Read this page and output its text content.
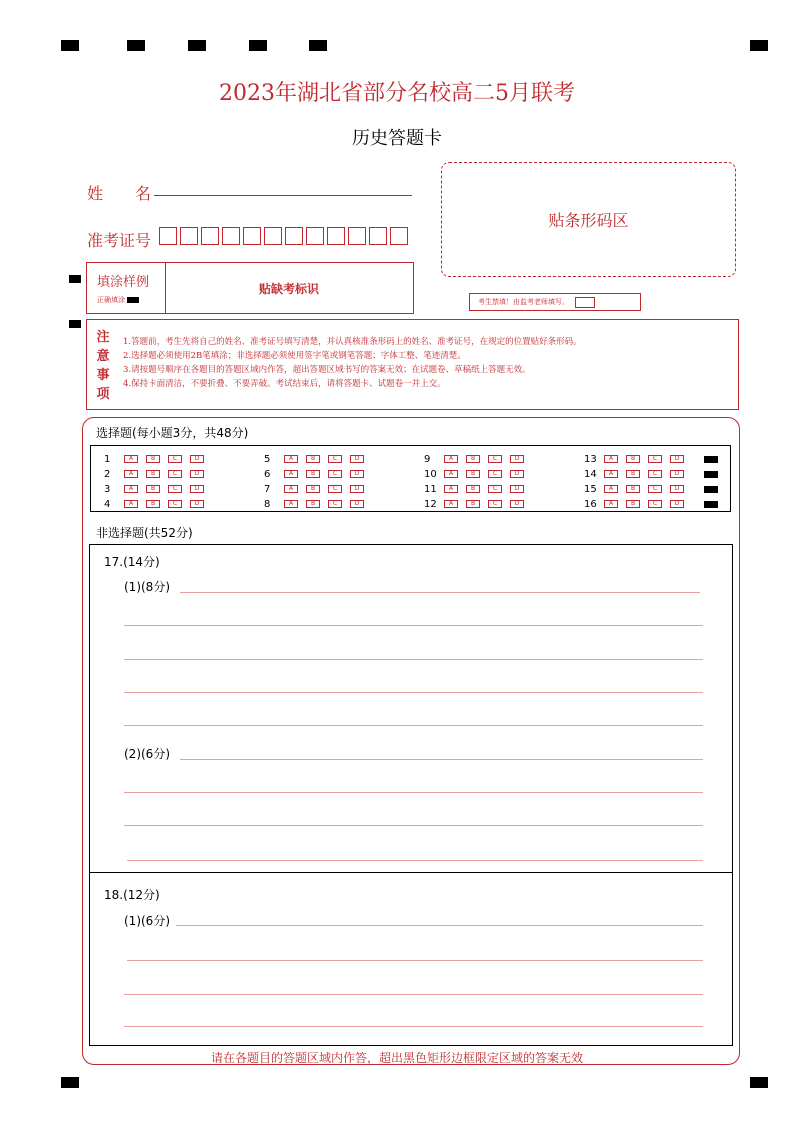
2023年湖北省部分名校高二5月联考
历史答题卡
姓　　名
准考证号
贴条形码区
填涂样例
正确填涂
贴缺考标识
考生禁填！由监考老师填写。
注
意
事
项
1.答题前，考生先将自己的姓名、准考证号填写清楚，并认真核准条形码上的姓名、准考证号，在规定的位置贴好条形码。
2.选择题必须使用2B笔填涂；非选择题必须使用签字笔或钢笔答题；字体工整、笔迹清楚。
3.请按题号顺序在各题目的答题区域内作答，超出答题区域书写的答案无效；在试题卷、草稿纸上答题无效。
4.保持卡面清洁，不要折叠、不要弄破。考试结束后，请将答题卡、试题卷一并上交。
选择题(每小题3分，共48分)
非选择题(共52分)
17.(14分)
(1)(8分)
(2)(6分)
18.(12分)
(1)(6分)
请在各题目的答题区域内作答，超出黑色矩形边框限定区域的答案无效
1	A	B	C	D
2	A	B	C	D
3	A	B	C	D
4	A	B	C	D
5	A	B	C	D
6	A	B	C	D
7	A	B	C	D
8	A	B	C	D
9	A	B	C	D
10	A	B	C	D
11	A	B	C	D
12	A	B	C	D
13	A	B	C	D
14	A	B	C	D
15	A	B	C	D
16	A	B	C	D
